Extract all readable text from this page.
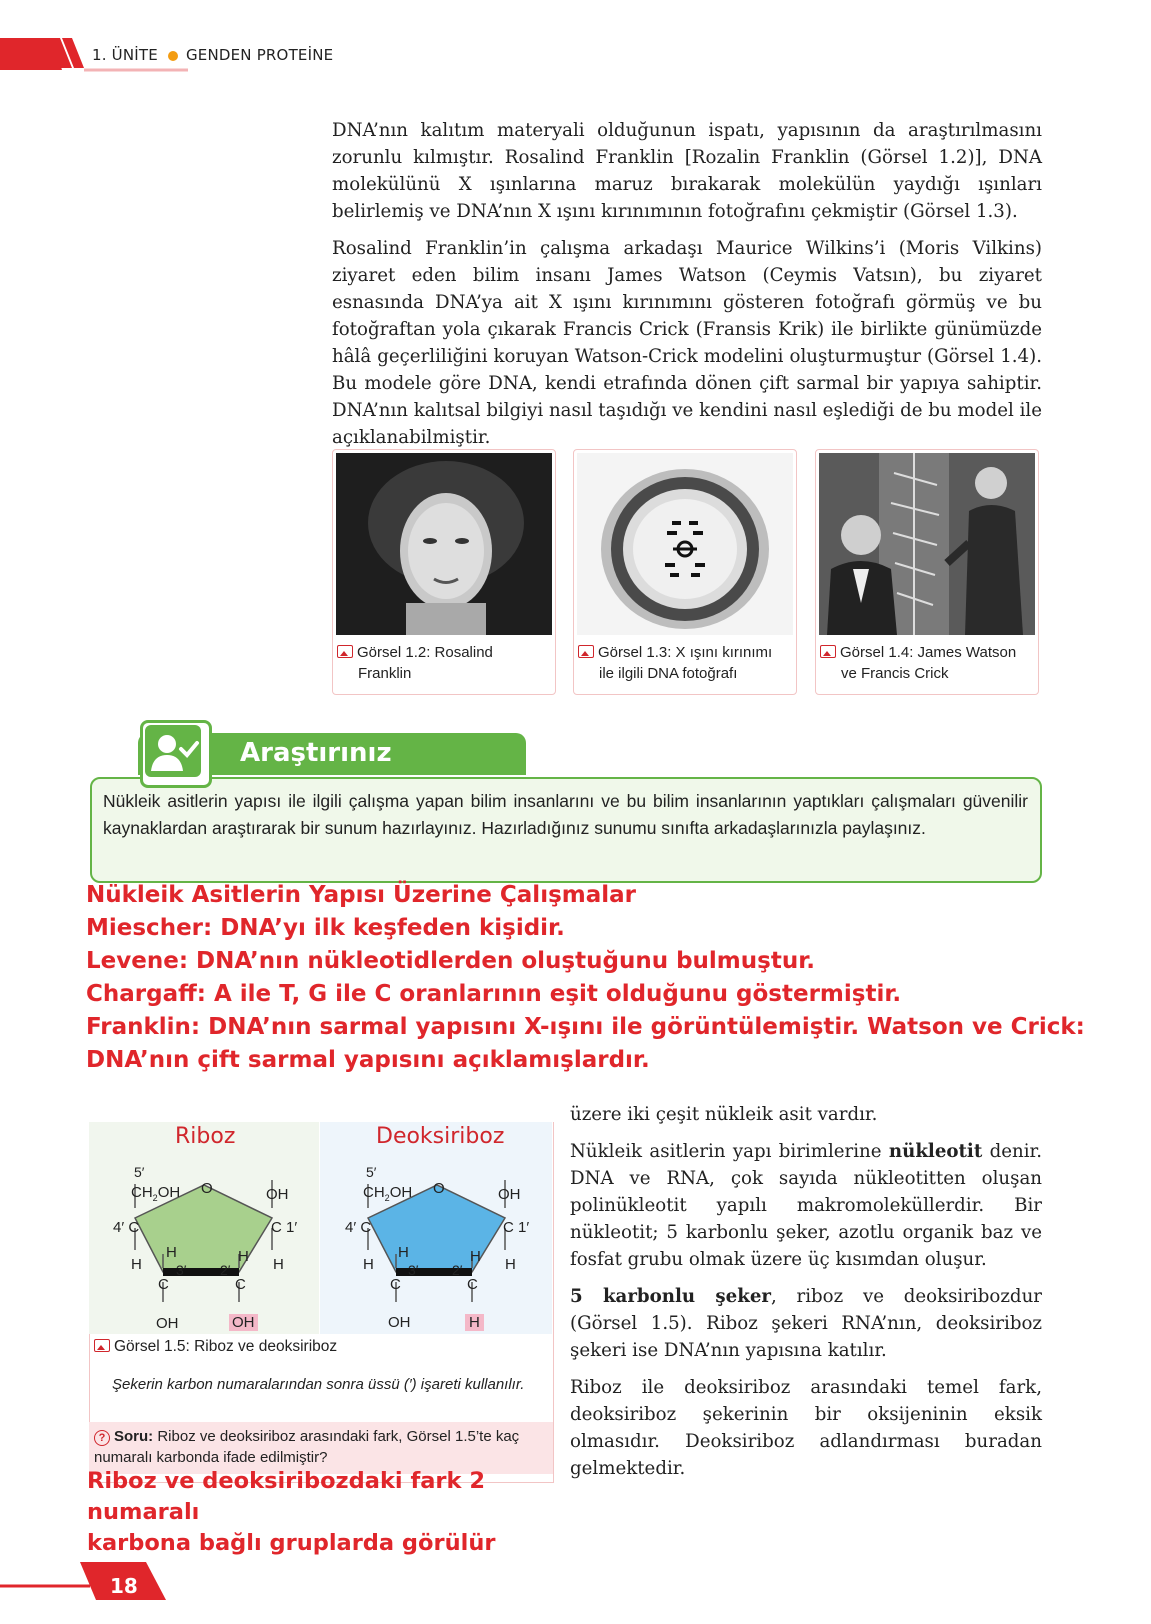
1. ÜNİTE GENDEN PROTEİNE

DNA’nın kalıtım materyali olduğunun ispatı, yapısının da araştırılmasını zorunlu kılmıştır. Rosalind Franklin [Rozalin Franklin (Görsel 1.2)], DNA molekülünü X ışınlarına maruz bırakarak molekülün yaydığı ışınları belirlemiş ve DNA’nın X ışını kırınımının fotoğrafını çekmiştir (Görsel 1.3).

Rosalind Franklin’in çalışma arkadaşı Maurice Wilkins’i (Moris Vilkins) ziyaret eden bilim insanı James Watson (Ceymis Vatsın), bu ziyaret esnasında DNA’ya ait X ışını kırınımını gösteren fotoğrafı görmüş ve bu fotoğraftan yola çıkarak Francis Crick (Fransis Krik) ile birlikte günümüzde hâlâ geçerliliğini koruyan Watson-Crick modelini oluşturmuştur (Görsel 1.4). Bu modele göre DNA, kendi etrafında dönen çift sarmal bir yapıya sahiptir. DNA’nın kalıtsal bilgiyi nasıl taşıdığı ve kendini nasıl eşlediği de bu model ile açıklanabilmiştir.

Görsel 1.2: Rosalind
Franklin
Görsel 1.3: X ışını kırınımı
ile ilgili DNA fotoğrafı
Görsel 1.4: James Watson
ve Francis Crick
Araştırınız
Nükleik asitlerin yapısı ile ilgili çalışma yapan bilim insanlarını ve bu bilim insanlarının yaptıkları çalışmaları güvenilir kaynaklardan araştırarak bir sunum hazırlayınız. Hazırladığınız sunumu sınıfta arkadaşlarınızla paylaşınız.
Nükleik Asitlerin Yapısı Üzerine Çalışmalar
Miescher: DNA’yı ilk keşfeden kişidir.
Levene: DNA’nın nükleotidlerden oluştuğunu bulmuştur.
Chargaff: A ile T, G ile C oranlarının eşit olduğunu göstermiştir.
Franklin: DNA’nın sarmal yapısını X-ışını ile görüntülemiştir. Watson ve Crick:
DNA’nın çift sarmal yapısını açıklamışlardır.
Riboz
5′
$CH_2OH$ O	OH
4′ C	C 1′
H
H
3′ 2′
H H
C	C
OH	OH
Deoksiriboz
5′
$CH_2OH$ O	OH
4′ C	C 1′
H
H
3′ 2′
H H
C	C
OH	H
Görsel 1.5: Riboz ve deoksiriboz
Şekerin karbon numaralarından sonra üssü (′) işareti kullanılır.
? Soru: Riboz ve deoksiriboz arasındaki fark, Görsel 1.5’te kaç numaralı karbonda ifade edilmiştir?
Riboz ve deoksiribozdaki fark 2 numaralı
karbona bağlı gruplarda görülür

üzere iki çeşit nükleik asit vardır.

Nükleik asitlerin yapı birimlerine nükleotit denir. DNA ve RNA, çok sayıda nükleotitten oluşan polinükleotit yapılı makromoleküllerdir. Bir nükleotit; 5 karbonlu şeker, azotlu organik baz ve fosfat grubu olmak üzere üç kısımdan oluşur.

5 karbonlu şeker, riboz ve deoksiribozdur (Görsel 1.5). Riboz şekeri RNA’nın, deoksiriboz şekeri ise DNA’nın yapısına katılır.

Riboz ile deoksiriboz arasındaki temel fark, deoksiriboz şekerinin bir oksijeninin eksik olmasıdır. Deoksiriboz adlandırması buradan gelmektedir.

18
